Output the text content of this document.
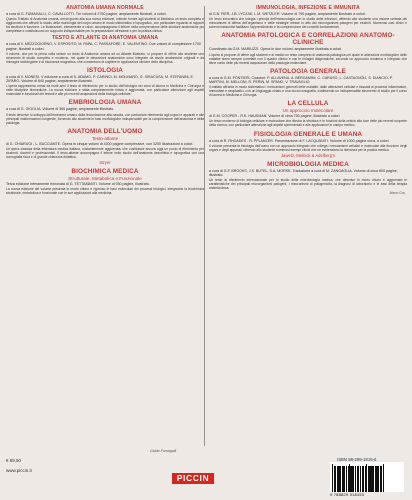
ANATOMIA UMANA NORMALE
a cura di G. FUMAGALLI, C. CAVALLOTTI. Tre volumi di 2750 pagine, ampiamente illustrati, a colori.
Questo Trattato di Anatomia umana, ormai giunto alla sua nuova edizione, intende fornire agli studenti di Medicina un testo completo e aggiornato che affronti lo studio della morfologia del corpo umano in modo sistematico e topografico, con particolare riguardo ai rapporti tra struttura e funzione. Le illustrazioni, interamente a colori, accompagnano il lettore nella comprensione delle strutture anatomiche piu complesse e costituiscono un supporto indispensabile per la preparazione all'esame e per la pratica clinica.
TESTO E ATLANTE DI ANATOMIA UMANA
a cura di V. MEZZOGIORNO, V. ESPOSITO, M. PAPA, C. PASSAFORE, E. VALENTINO. Due volumi di complessive 1700 pagine, illustrati a colori.
Il volume, che per la prima volta unisce un testo di Anatomia umana ad un Atlante illustrato, si propone di offrire allo studente uno strumento di studio completo e moderno, nel quale le descrizioni anatomiche sono integrate da tavole anatomiche originali e da immagini radiologiche e di risonanza magnetica, che consentono di cogliere le applicazioni cliniche della disciplina.
ISTOLOGIA
a cura di V. MONESI. V edizione a cura di S. ADAMO, P. CARINCI, M. MOLINARO, G. SIRACUSA, M. STEFANINI, E. ZIPARO. Volume di 840 pagine, ampiamente illustrato.
L'opera rappresenta ormai da molti anni il testo di riferimento per lo studio dell'Istologia nei corsi di laurea in Medicina e Chirurgia e nelle discipline biomediche. La nuova edizione e stata completamente rivista e aggiornata, con particolare attenzione agli aspetti molecolari e funzionali dei tessuti e alle piu recenti acquisizioni della biologia cellulare.
EMBRIOLOGIA UMANA
a cura di G. GIOGLIA. Volume di 360 pagine, ampiamente illustrato.
Il testo descrive lo sviluppo dell'embrione umano dalla fecondazione alla nascita, con particolare riferimento agli organi e apparati e alle principali malformazioni congenite, fornendo allo studente le basi morfologiche indispensabili per la comprensione dell'anatomia e della patologia.
ANATOMIA DELL'UOMO
Testo-atlante
di G. CHIARUGI - L. BUCCIANTE. Opera in cinque volumi di 4300 pagine complessive, con 3200 illustrazioni a colori.
Un'opera classica della letteratura medica italiana, costantemente aggiornata, che costituisce ancora oggi un punto di riferimento per studenti, docenti e professionisti. Il testo-atlante accompagna il lettore nello studio dell'anatomia descrittiva e topografica con una iconografia ricca e di grande chiarezza didattica.
Stryer
BIOCHIMICA MEDICA
Strutturale, Metabolica e Funzionale
Terza edizione interamente rinnovata di G. TETTAMANTI. Volume di 930 pagine, illustrato.
La nuova edizione del volume presenta in modo chiaro e rigoroso le basi molecolari dei processi biologici, integrando la biochimica strutturale, metabolica e funzionale con le sue applicazioni alla medicina.
IMMUNOLOGIA, INFEZIONE E IMMUNITA
di G.B. PIER, J.B. LYCZAK, L.M. WETZLER. Volume di 790 pagine, ampiamente illustrato a colori.
Un testo innovativo che integra i principi dell'immunologia con lo studio delle infezioni, offrendo allo studente una visione unitaria dei meccanismi di difesa dell'organismo e delle strategie messe in atto dai microrganismi patogeni per eluderli. Numerosi casi clinici e schemi riassuntivi facilitano l'apprendimento e la comprensione dei concetti fondamentali.
ANATOMIA PATOLOGICA E CORRELAZIONI ANATOMO-CLINICHE
Coordinato da G.M. MARIUZZI. Opera in due volumi, ampiamente illustrata a colori.
L'opera si propone di offrire agli studenti e ai medici un testo completo di anatomia patologica nel quale le alterazioni morfologiche delle malattie siano sempre correlate con il quadro clinico e con le indagini diagnostiche, secondo un approccio moderno e integrato che tiene conto delle piu recenti acquisizioni della patologia molecolare.
PATOLOGIA GENERALE
a cura di G.M. PONTIERI. Coautori: P. ALLAVENA, A. BERGAMINI, C. CARUSO, L. CASTAGNOLI, S. DIANCIO, P. MARTINI, M. MELLONI, R. PERIN, M. SPANO, V. TRAVAGLIO.
Il trattato affronta in modo sistematico i meccanismi generali delle malattie, dalle alterazioni cellulari e tissutali ai processi infiammatori, immunitari e neoplastici, con un linguaggio chiaro e una ricca iconografia, costituendo un indispensabile strumento di studio per il corso di laurea in Medicina e Chirurgia.
LA CELLULA
Un approccio molecolare
di G.M. COOPER - R.E. HAUSMAN. Volume di circa 750 pagine, illustrato a colori.
Un testo moderno di biologia cellulare e molecolare che illustra la struttura e le funzioni della cellula alla luce delle piu recenti scoperte della ricerca, con particolare attenzione agli aspetti sperimentali e alle applicazioni in campo medico.
FISIOLOGIA GENERALE E UMANA
a cura di R. RHOADES - R. PFLANZER. Presentazione di F. LACQUANITI. Volume di 1000 pagine circa, a colori.
Il volume presenta la fisiologia dell'uomo con un approccio integrato che collega i meccanismi cellulari e molecolari alla funzione degli organi e degli apparati, offrendo allo studente numerosi esempi clinici che ne evidenziano la rilevanza per la pratica medica.
Jawetz, Melnick & Adelberg's
MICROBIOLOGIA MEDICA
a cura di G.F. BROOKS, J.S. BUTEL, S.A. MORSE. Traduzione a cura di M. ZANGAGLIA. Volume di circa 800 pagine, illustrato.
Un testo di riferimento internazionale per lo studio della microbiologia medica, che descrive in modo chiaro e aggiornato le caratteristiche dei principali microrganismi patogeni, i meccanismi di patogenicita, la diagnosi di laboratorio e le basi della terapia antimicrobica.
Marco Cos
Guido Fumagalli
€ 89,50
www.piccin.it
PICCIN
ISBN 88-299-1815-6
9 788829 918153
